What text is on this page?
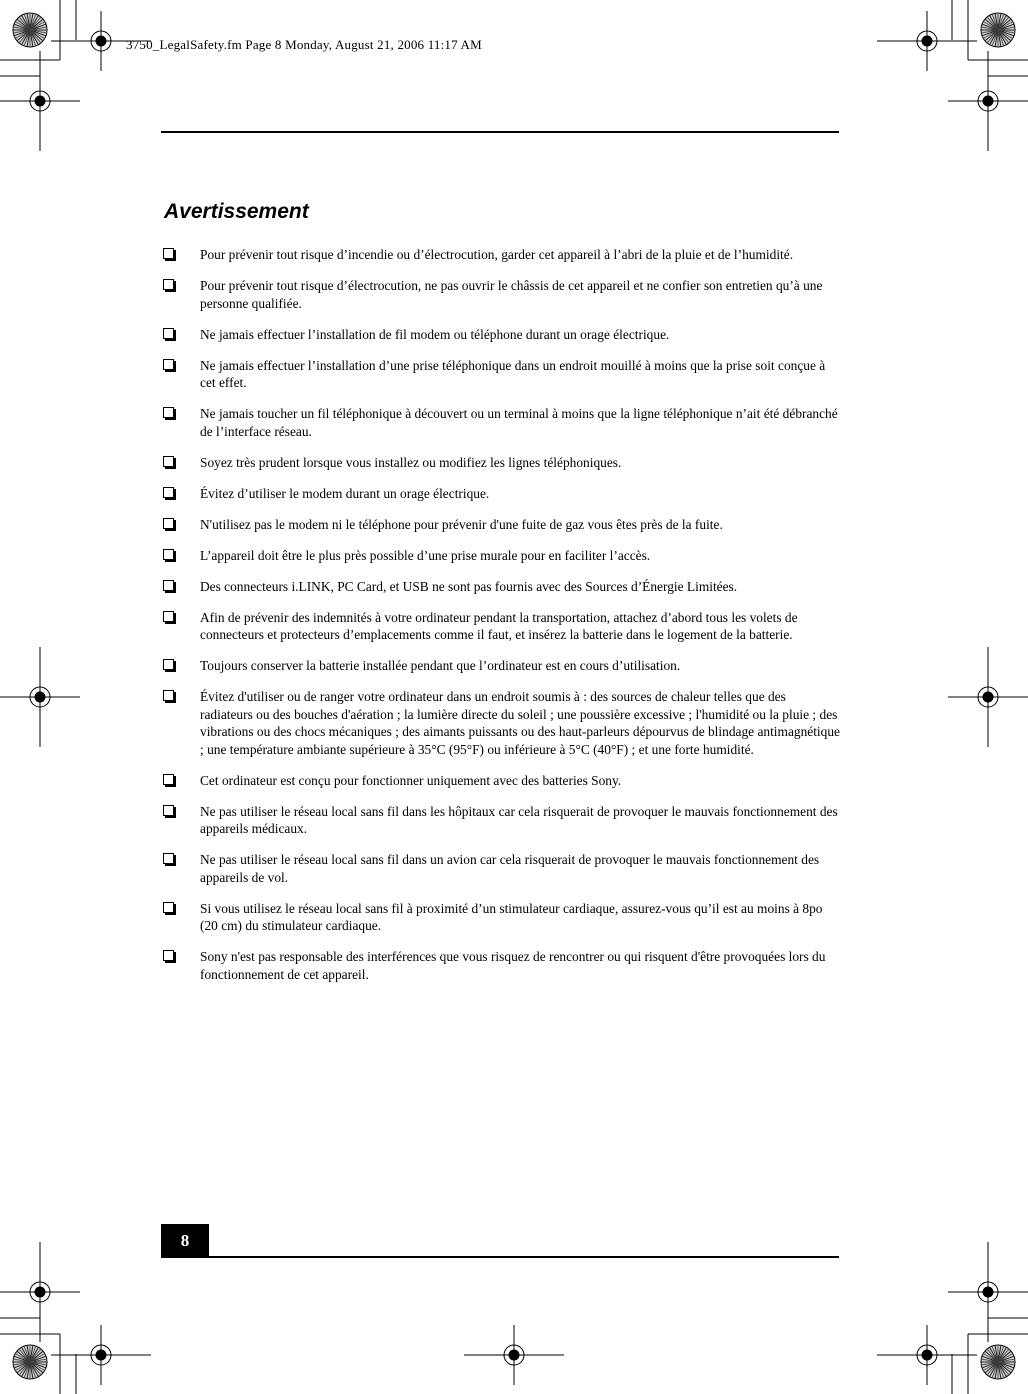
3750_LegalSafety.fm Page 8 Monday, August 21, 2006 11:17 AM
Avertissement
Pour prévenir tout risque d’incendie ou d’électrocution, garder cet appareil à l’abri de la pluie et de l’humidité.
Pour prévenir tout risque d’électrocution, ne pas ouvrir le châssis de cet appareil et ne confier son entretien qu’à une personne qualifiée.
Ne jamais effectuer l’installation de fil modem ou téléphone durant un orage électrique.
Ne jamais effectuer l’installation d’une prise téléphonique dans un endroit mouillé à moins que la prise soit conçue à cet effet.
Ne jamais toucher un fil téléphonique à découvert ou un terminal à moins que la ligne téléphonique n’ait été débranché de l’interface réseau.
Soyez très prudent lorsque vous installez ou modifiez les lignes téléphoniques.
Évitez d’utiliser le modem durant un orage électrique.
N'utilisez pas le modem ni le téléphone pour prévenir d'une fuite de gaz vous êtes près de la fuite.
L’appareil doit être le plus près possible d’une prise murale pour en faciliter l’accès.
Des connecteurs i.LINK, PC Card, et USB ne sont pas fournis avec des Sources d’Énergie Limitées.
Afin de prévenir des indemnités à votre ordinateur pendant la transportation, attachez d’abord tous les volets de connecteurs et protecteurs d’emplacements comme il faut, et insérez la batterie dans le logement de la batterie.
Toujours conserver la batterie installée pendant que l’ordinateur est en cours d’utilisation.
Évitez d'utiliser ou de ranger votre ordinateur dans un endroit soumis à : des sources de chaleur telles que des radiateurs ou des bouches d'aération ; la lumière directe du soleil ; une poussière excessive ; l'humidité ou la pluie ; des vibrations ou des chocs mécaniques ; des aimants puissants ou des haut-parleurs dépourvus de blindage antimagnétique ; une température ambiante supérieure à 35°C (95°F) ou inférieure à 5°C (40°F) ; et une forte humidité.
Cet ordinateur est conçu pour fonctionner uniquement avec des batteries Sony.
Ne pas utiliser le réseau local sans fil dans les hôpitaux car cela risquerait de provoquer le mauvais fonctionnement des appareils médicaux.
Ne pas utiliser le réseau local sans fil dans un avion car cela risquerait de provoquer le mauvais fonctionnement des appareils de vol.
Si vous utilisez le réseau local sans fil à proximité d’un stimulateur cardiaque, assurez-vous qu’il est au moins à 8po (20 cm) du stimulateur cardiaque.
Sony n'est pas responsable des interférences que vous risquez de rencontrer ou qui risquent d'être provoquées lors du fonctionnement de cet appareil.
8
